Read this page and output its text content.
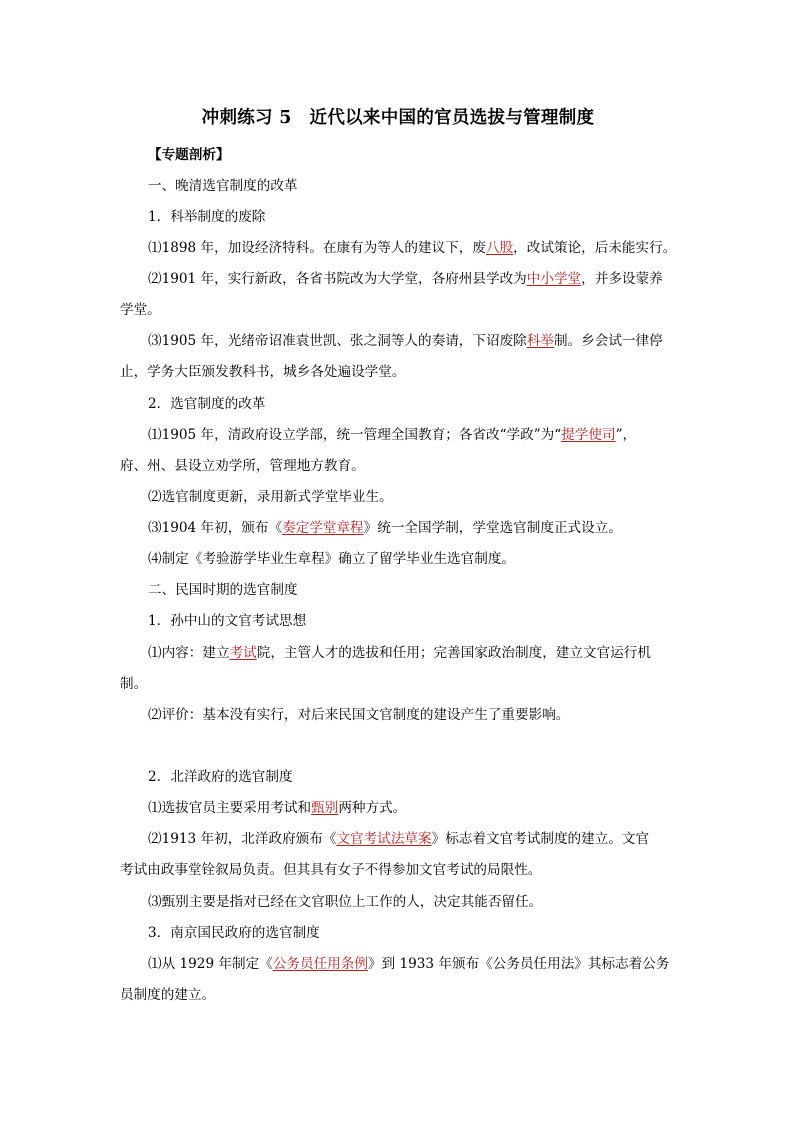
冲刺练习 5　近代以来中国的官员选拔与管理制度
【专题剖析】
一、晚清选官制度的改革
1．科举制度的废除
⑴1898 年，加设经济特科。在康有为等人的建议下，废八股，改试策论，后未能实行。
⑵1901 年，实行新政，各省书院改为大学堂，各府州县学改为中小学堂，并多设蒙养
学堂。
⑶1905 年，光绪帝诏准袁世凯、张之洞等人的奏请，下诏废除科举制。乡会试一律停
止，学务大臣颁发教科书，城乡各处遍设学堂。
2．选官制度的改革
⑴1905 年，清政府设立学部，统一管理全国教育；各省改“学政”为“提学使司”，
府、州、县设立劝学所，管理地方教育。
⑵选官制度更新，录用新式学堂毕业生。
⑶1904 年初，颁布《奏定学堂章程》统一全国学制，学堂选官制度正式设立。
⑷制定《考验游学毕业生章程》确立了留学毕业生选官制度。
二、民国时期的选官制度
1．孙中山的文官考试思想
⑴内容：建立考试院，主管人才的选拔和任用；完善国家政治制度，建立文官运行机
制。
⑵评价：基本没有实行，对后来民国文官制度的建设产生了重要影响。
2．北洋政府的选官制度
⑴选拔官员主要采用考试和甄别两种方式。
⑵1913 年初，北洋政府颁布《文官考试法草案》标志着文官考试制度的建立。文官
考试由政事堂铨叙局负责。但其具有女子不得参加文官考试的局限性。
⑶甄别主要是指对已经在文官职位上工作的人，决定其能否留任。
3．南京国民政府的选官制度
⑴从 1929 年制定《公务员任用条例》到 1933 年颁布《公务员任用法》其标志着公务
员制度的建立。
